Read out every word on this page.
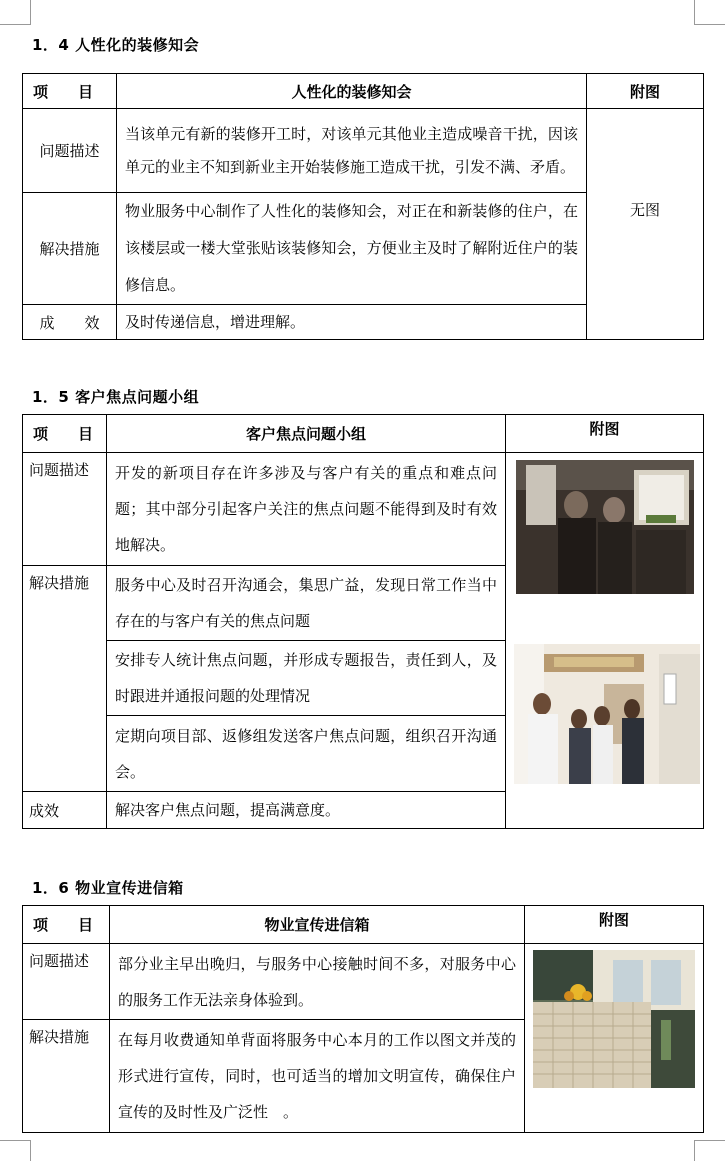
1．4 人性化的装修知会
项　　目	人性化的装修知会	附图
问题描述	当该单元有新的装修开工时，对该单元其他业主造成噪音干扰，因该单元的业主不知到新业主开始装修施工造成干扰，引发不满、矛盾。	无图
解决措施	物业服务中心制作了人性化的装修知会，对正在和新装修的住户，在该楼层或一楼大堂张贴该装修知会，方便业主及时了解附近住户的装修信息。	
成　　效	及时传递信息，增进理解。	
1．5 客户焦点问题小组
项　　目	客户焦点问题小组	附图
问题描述	开发的新项目存在许多涉及与客户有关的重点和难点问题；其中部分引起客户关注的焦点问题不能得到及时有效地解决。	

解决措施	服务中心及时召开沟通会，集思广益，发现日常工作当中存在的与客户有关的焦点问题	
	安排专人统计焦点问题，并形成专题报告，责任到人，及时跟进并通报问题的处理情况	
	定期向项目部、返修组发送客户焦点问题，组织召开沟通会。	
成效	解决客户焦点问题，提高满意度。	
1．6 物业宣传进信箱
项　　目	物业宣传进信箱	附图
问题描述	部分业主早出晚归，与服务中心接触时间不多，对服务中心的服务工作无法亲身体验到。	

解决措施	在每月收费通知单背面将服务中心本月的工作以图文并茂的形式进行宣传，同时，也可适当的增加文明宣传，确保住户宣传的及时性及广泛性　。	
